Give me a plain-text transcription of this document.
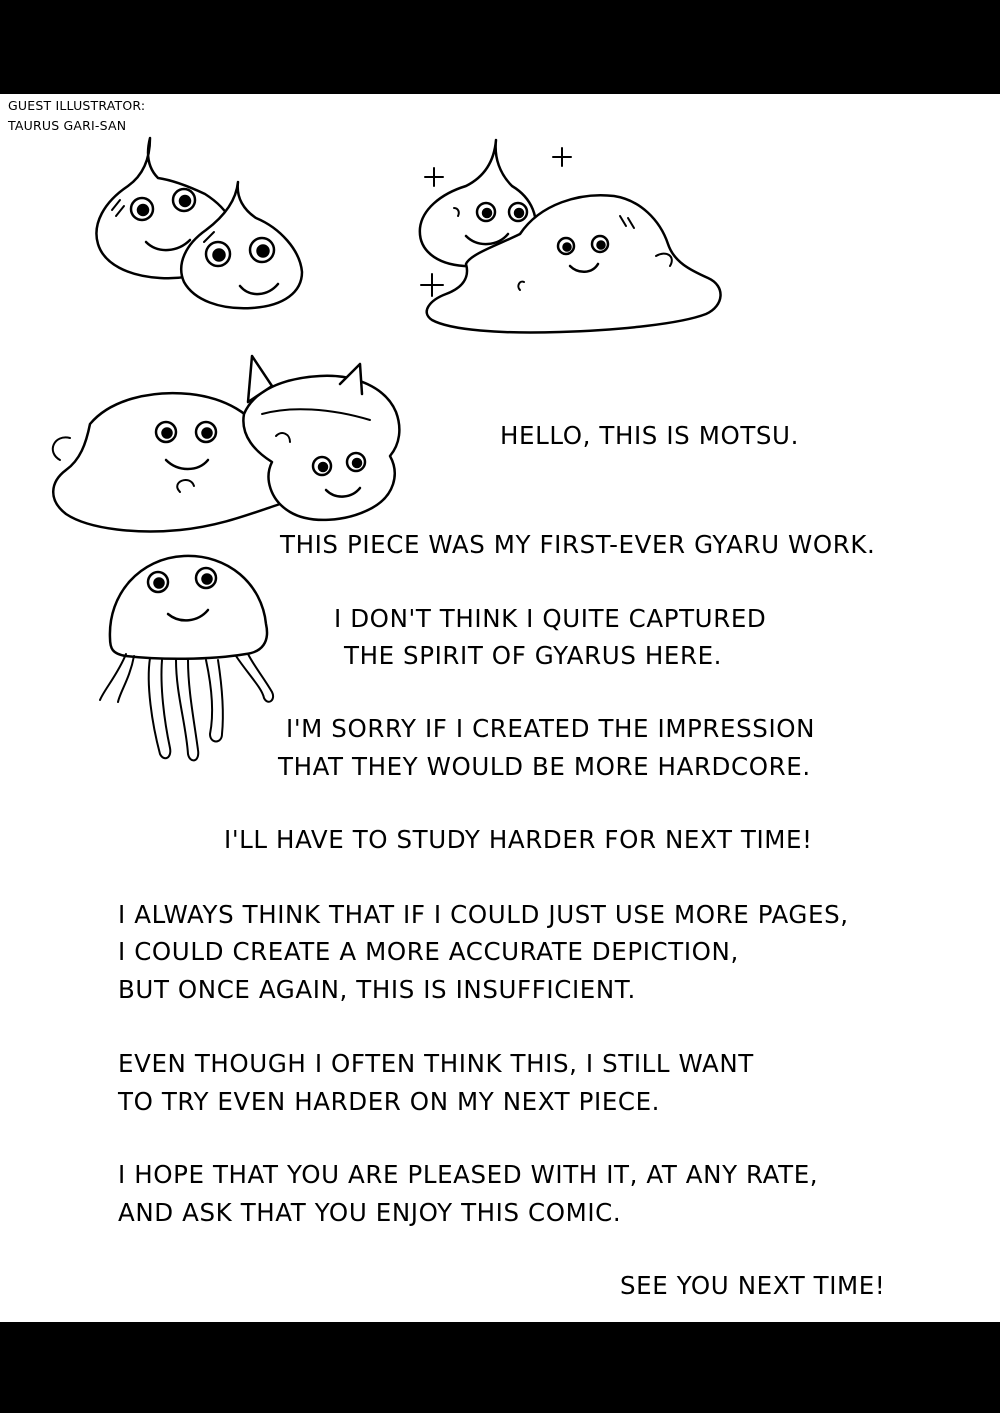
GUEST ILLUSTRATOR:
TAURUS GARI-SAN
HELLO, THIS IS MOTSU.
THIS PIECE WAS MY FIRST-EVER GYARU WORK.
I DON'T THINK I QUITE CAPTURED
THE SPIRIT OF GYARUS HERE.
I'M SORRY IF I CREATED THE IMPRESSION
THAT THEY WOULD BE MORE HARDCORE.
I'LL HAVE TO STUDY HARDER FOR NEXT TIME!
I ALWAYS THINK THAT IF I COULD JUST USE MORE PAGES,
I COULD CREATE A MORE ACCURATE DEPICTION,
BUT ONCE AGAIN, THIS IS INSUFFICIENT.
EVEN THOUGH I OFTEN THINK THIS, I STILL WANT
TO TRY EVEN HARDER ON MY NEXT PIECE.
I HOPE THAT YOU ARE PLEASED WITH IT, AT ANY RATE,
AND ASK THAT YOU ENJOY THIS COMIC.
SEE YOU NEXT TIME!
